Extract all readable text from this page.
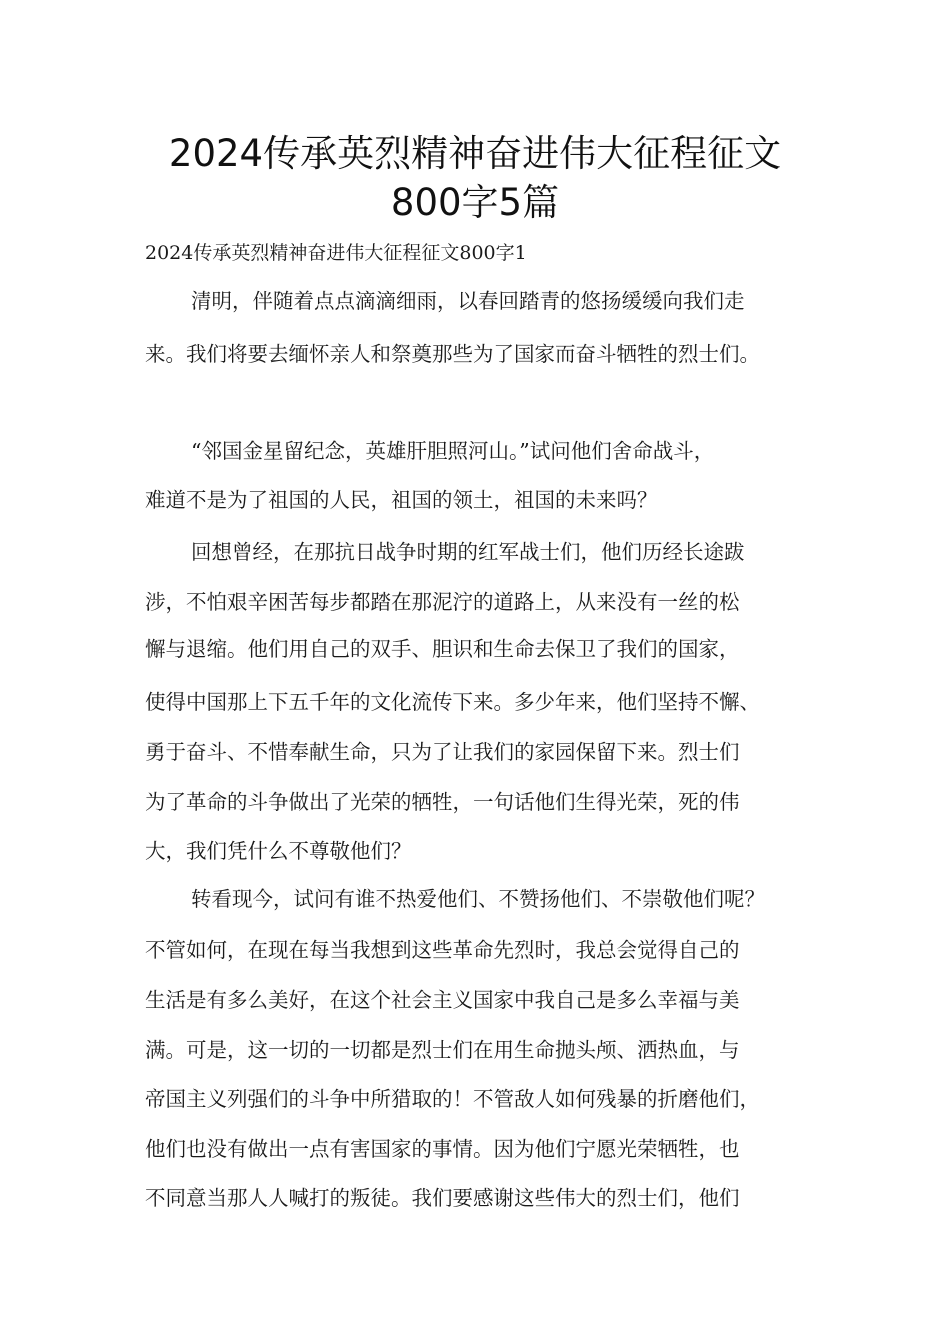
2024传承英烈精神奋进伟大征程征文
800字5篇
2024传承英烈精神奋进伟大征程征文800字1
清明，伴随着点点滴滴细雨，以春回踏青的悠扬缓缓向我们走
来。我们将要去缅怀亲人和祭奠那些为了国家而奋斗牺牲的烈士们。
“邻国金星留纪念，英雄肝胆照河山。”试问他们舍命战斗，
难道不是为了祖国的人民，祖国的领土，祖国的未来吗？
回想曾经，在那抗日战争时期的红军战士们，他们历经长途跋
涉，不怕艰辛困苦每步都踏在那泥泞的道路上，从来没有一丝的松
懈与退缩。他们用自己的双手、胆识和生命去保卫了我们的国家，
使得中国那上下五千年的文化流传下来。多少年来，他们坚持不懈、
勇于奋斗、不惜奉献生命，只为了让我们的家园保留下来。烈士们
为了革命的斗争做出了光荣的牺牲，一句话他们生得光荣，死的伟
大，我们凭什么不尊敬他们？
转看现今，试问有谁不热爱他们、不赞扬他们、不崇敬他们呢？
不管如何，在现在每当我想到这些革命先烈时，我总会觉得自己的
生活是有多么美好，在这个社会主义国家中我自己是多么幸福与美
满。可是，这一切的一切都是烈士们在用生命抛头颅、洒热血，与
帝国主义列强们的斗争中所猎取的！不管敌人如何残暴的折磨他们，
他们也没有做出一点有害国家的事情。因为他们宁愿光荣牺牲，也
不同意当那人人喊打的叛徒。我们要感谢这些伟大的烈士们，他们
